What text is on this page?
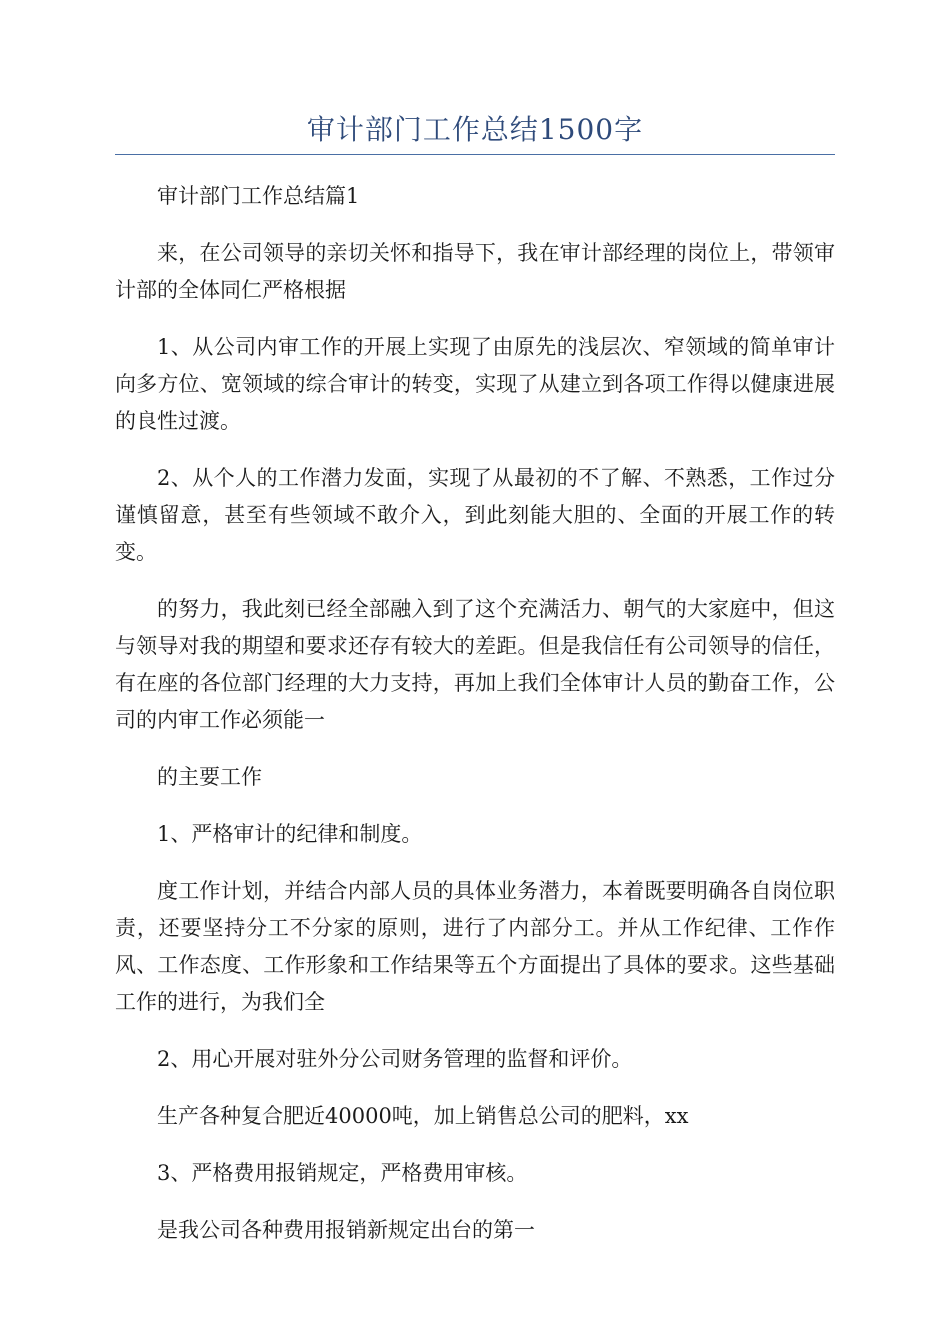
审计部门工作总结1500字

审计部门工作总结篇1

来，在公司领导的亲切关怀和指导下，我在审计部经理的岗位上，带领审计部的全体同仁严格根据

1、从公司内审工作的开展上实现了由原先的浅层次、窄领域的简单审计向多方位、宽领域的综合审计的转变，实现了从建立到各项工作得以健康进展的良性过渡。

2、从个人的工作潜力发面，实现了从最初的不了解、不熟悉，工作过分谨慎留意，甚至有些领域不敢介入，到此刻能大胆的、全面的开展工作的转变。

的努力，我此刻已经全部融入到了这个充满活力、朝气的大家庭中，但这与领导对我的期望和要求还存有较大的差距。但是我信任有公司领导的信任，有在座的各位部门经理的大力支持，再加上我们全体审计人员的勤奋工作，公司的内审工作必须能一

的主要工作

1、严格审计的纪律和制度。

度工作计划，并结合内部人员的具体业务潜力，本着既要明确各自岗位职责，还要坚持分工不分家的原则，进行了内部分工。并从工作纪律、工作作风、工作态度、工作形象和工作结果等五个方面提出了具体的要求。这些基础工作的进行，为我们全

2、用心开展对驻外分公司财务管理的监督和评价。

生产各种复合肥近40000吨，加上销售总公司的肥料，xx

3、严格费用报销规定，严格费用审核。

是我公司各种费用报销新规定出台的第一
